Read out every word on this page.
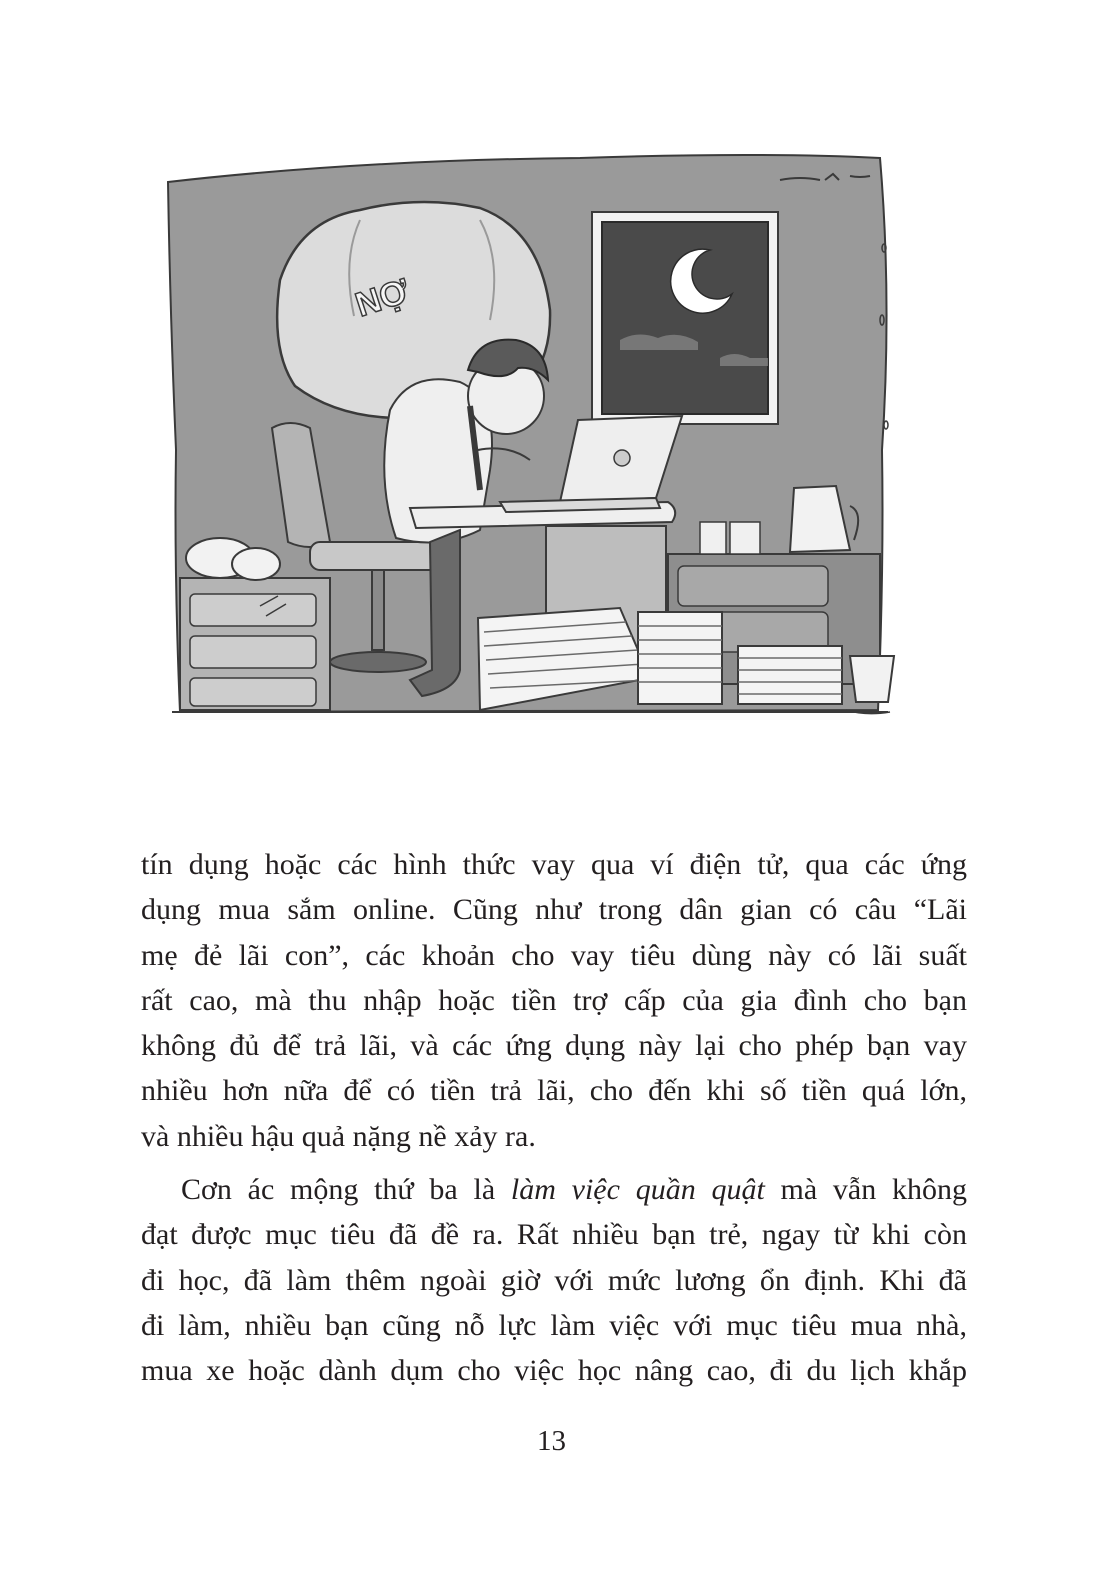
NỢ

tín dụng hoặc các hình thức vay qua ví điện tử, qua các ứng
dụng mua sắm online. Cũng như trong dân gian có câu “Lãi
mẹ đẻ lãi con”, các khoản cho vay tiêu dùng này có lãi suất
rất cao, mà thu nhập hoặc tiền trợ cấp của gia đình cho bạn
không đủ để trả lãi, và các ứng dụng này lại cho phép bạn vay
nhiều hơn nữa để có tiền trả lãi, cho đến khi số tiền quá lớn,
và nhiều hậu quả nặng nề xảy ra.

Cơn ác mộng thứ ba là làm việc quần quật mà vẫn không
đạt được mục tiêu đã đề ra. Rất nhiều bạn trẻ, ngay từ khi còn
đi học, đã làm thêm ngoài giờ với mức lương ổn định. Khi đã
đi làm, nhiều bạn cũng nỗ lực làm việc với mục tiêu mua nhà,
mua xe hoặc dành dụm cho việc học nâng cao, đi du lịch khắp

13
